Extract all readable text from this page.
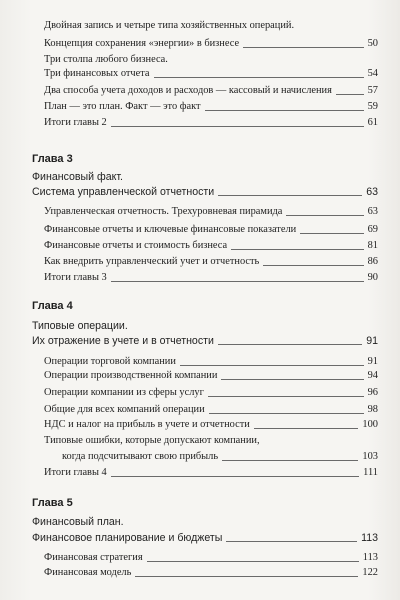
Двойная запись и четыре типа хозяйственных операций.
Концепция сохранения «энергии» в бизнесе	50
Три столпа любого бизнеса.
Три финансовых отчета	54
Два способа учета доходов и расходов — кассовый и начисления	57
План — это план. Факт — это факт	59
Итоги главы 2	61
Глава 3
Финансовый факт.
Система управленческой отчетности	63
Управленческая отчетность. Трехуровневая пирамида	63
Финансовые отчеты и ключевые финансовые показатели	69
Финансовые отчеты и стоимость бизнеса	81
Как внедрить управленческий учет и отчетность	86
Итоги главы 3	90
Глава 4
Типовые операции.
Их отражение в учете и в отчетности	91
Операции торговой компании	91
Операции производственной компании	94
Операции компании из сферы услуг	96
Общие для всех компаний операции	98
НДС и налог на прибыль в учете и отчетности	100
Типовые ошибки, которые допускают компании,
когда подсчитывают свою прибыль	103
Итоги главы 4	111
Глава 5
Финансовый план.
Финансовое планирование и бюджеты	113
Финансовая стратегия	113
Финансовая модель	122
